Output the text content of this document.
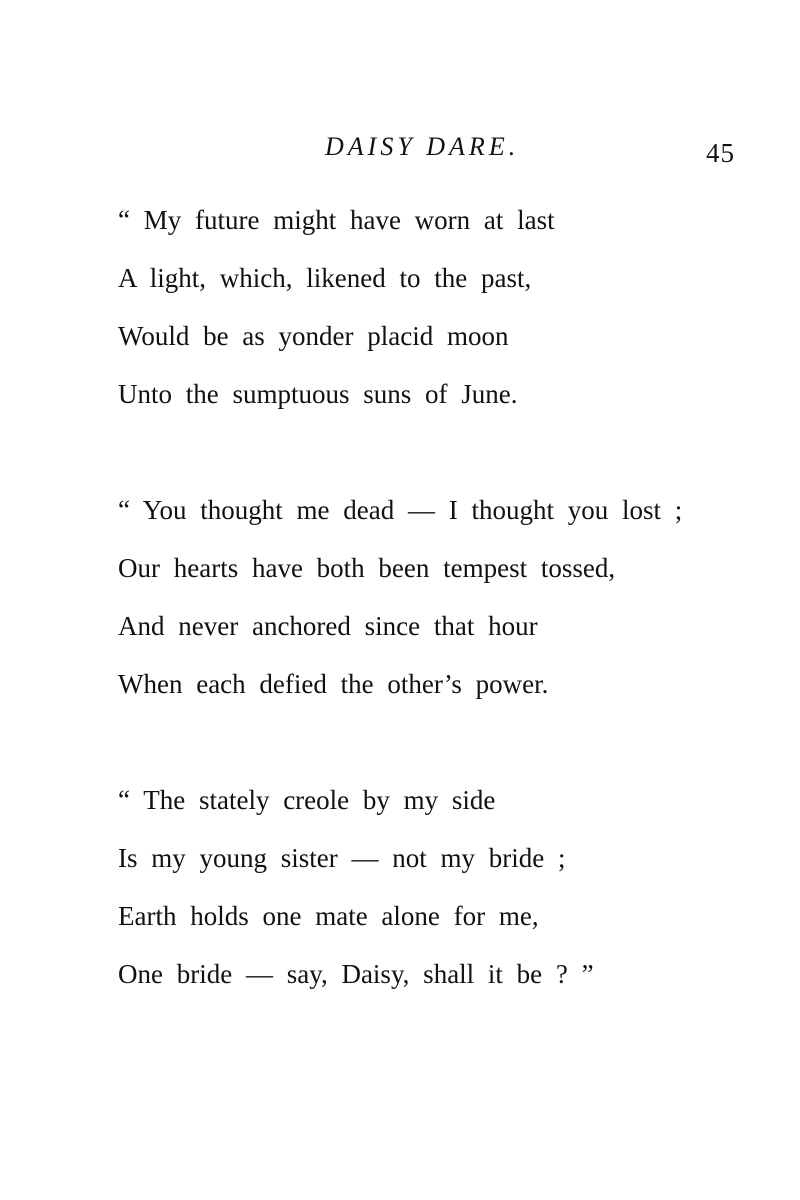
DAISY DARE.	45
“ My future might have worn at last
A light, which, likened to the past,
Would be as yonder placid moon
Unto the sumptuous suns of June.
“ You thought me dead — I thought you lost ;
Our hearts have both been tempest tossed,
And never anchored since that hour
When each defied the other’s power.
“ The stately creole by my side
Is my young sister — not my bride ;
Earth holds one mate alone for me,
One bride — say, Daisy, shall it be ? ”
